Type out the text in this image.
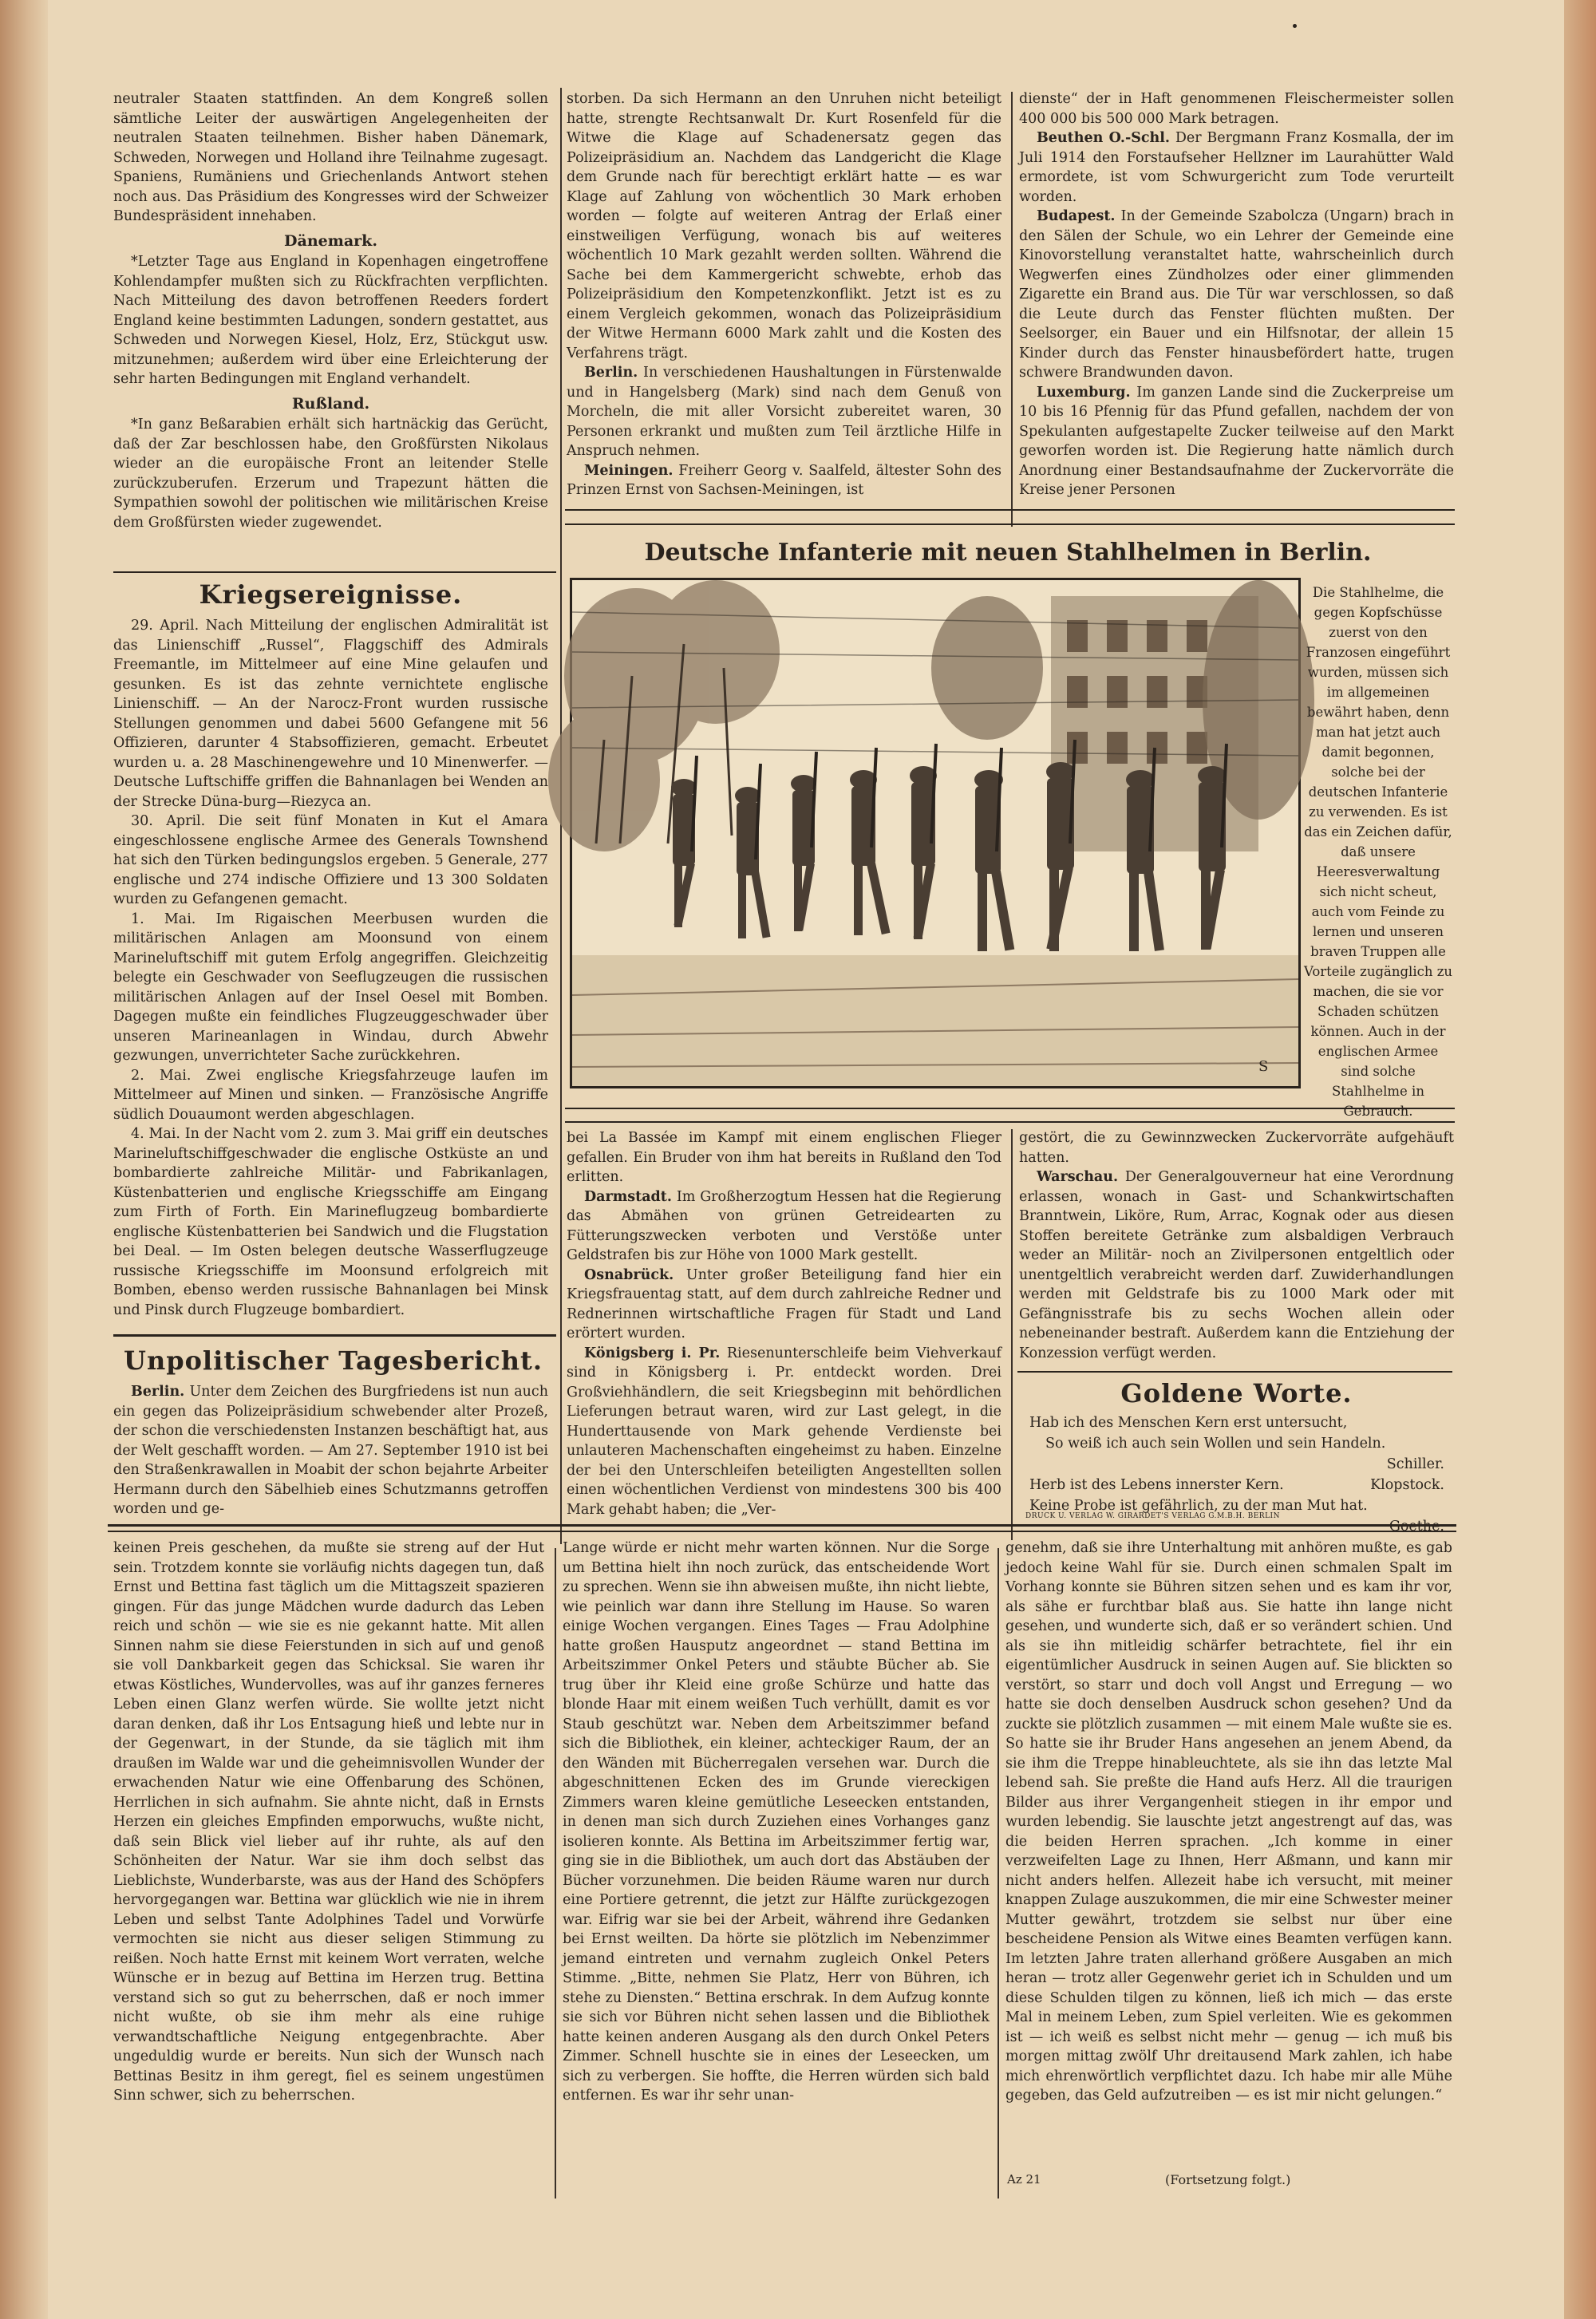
neutraler Staaten stattfinden. An dem Kongreß sollen sämtliche Leiter der auswärtigen Angelegenheiten der neutralen Staaten teilnehmen. Bisher haben Dänemark, Schweden, Norwegen und Holland ihre Teilnahme zugesagt. Spaniens, Rumäniens und Griechenlands Antwort stehen noch aus. Das Präsidium des Kongresses wird der Schweizer Bundespräsident innehaben.

Dänemark.

*Letzter Tage aus England in Kopenhagen eingetroffene Kohlendampfer mußten sich zu Rückfrachten verpflichten. Nach Mitteilung des davon betroffenen Reeders fordert England keine bestimmten Ladungen, sondern gestattet, aus Schweden und Norwegen Kiesel, Holz, Erz, Stückgut usw. mitzunehmen; außerdem wird über eine Erleichterung der sehr harten Bedingungen mit England verhandelt.

Rußland.

*In ganz Beßarabien erhält sich hartnäckig das Gerücht, daß der Zar beschlossen habe, den Großfürsten Nikolaus wieder an die europäische Front an leitender Stelle zurückzuberufen. Erzerum und Trapezunt hätten die Sympathien sowohl der politischen wie militärischen Kreise dem Großfürsten wieder zugewendet.

Kriegsereignisse.

29. April. Nach Mitteilung der englischen Admiralität ist das Linienschiff „Russel“, Flaggschiff des Admirals Freemantle, im Mittelmeer auf eine Mine gelaufen und gesunken. Es ist das zehnte vernichtete englische Linienschiff. — An der Narocz-Front wurden russische Stellungen genommen und dabei 5600 Gefangene mit 56 Offizieren, darunter 4 Stabsoffizieren, gemacht. Erbeutet wurden u. a. 28 Maschinengewehre und 10 Minenwerfer. — Deutsche Luftschiffe griffen die Bahnanlagen bei Wenden an der Strecke Düna-burg—Riezyca an.

30. April. Die seit fünf Monaten in Kut el Amara eingeschlossene englische Armee des Generals Townshend hat sich den Türken bedingungslos ergeben. 5 Generale, 277 englische und 274 indische Offiziere und 13 300 Soldaten wurden zu Gefangenen gemacht.

1. Mai. Im Rigaischen Meerbusen wurden die militärischen Anlagen am Moonsund von einem Marineluftschiff mit gutem Erfolg angegriffen. Gleichzeitig belegte ein Geschwader von Seeflugzeugen die russischen militärischen Anlagen auf der Insel Oesel mit Bomben. Dagegen mußte ein feindliches Flugzeuggeschwader über unseren Marineanlagen in Windau, durch Abwehr gezwungen, unverrichteter Sache zurückkehren.

2. Mai. Zwei englische Kriegsfahrzeuge laufen im Mittelmeer auf Minen und sinken. — Französische Angriffe südlich Douaumont werden abgeschlagen.

4. Mai. In der Nacht vom 2. zum 3. Mai griff ein deutsches Marineluftschiffgeschwader die englische Ostküste an und bombardierte zahlreiche Militär- und Fabrikanlagen, Küstenbatterien und englische Kriegsschiffe am Eingang zum Firth of Forth. Ein Marineflugzeug bombardierte englische Küstenbatterien bei Sandwich und die Flugstation bei Deal. — Im Osten belegen deutsche Wasserflugzeuge russische Kriegsschiffe im Moonsund erfolgreich mit Bomben, ebenso werden russische Bahnanlagen bei Minsk und Pinsk durch Flugzeuge bombardiert.

Unpolitischer Tagesbericht.

Berlin. Unter dem Zeichen des Burgfriedens ist nun auch ein gegen das Polizeipräsidium schwebender alter Prozeß, der schon die verschiedensten Instanzen beschäftigt hat, aus der Welt geschafft worden. — Am 27. September 1910 ist bei den Straßenkrawallen in Moabit der schon bejahrte Arbeiter Hermann durch den Säbelhieb eines Schutzmanns getroffen worden und ge-

storben. Da sich Hermann an den Unruhen nicht beteiligt hatte, strengte Rechtsanwalt Dr. Kurt Rosenfeld für die Witwe die Klage auf Schadenersatz gegen das Polizeipräsidium an. Nachdem das Landgericht die Klage dem Grunde nach für berechtigt erklärt hatte — es war Klage auf Zahlung von wöchentlich 30 Mark erhoben worden — folgte auf weiteren Antrag der Erlaß einer einstweiligen Verfügung, wonach bis auf weiteres wöchentlich 10 Mark gezahlt werden sollten. Während die Sache bei dem Kammergericht schwebte, erhob das Polizeipräsidium den Kompetenzkonflikt. Jetzt ist es zu einem Vergleich gekommen, wonach das Polizeipräsidium der Witwe Hermann 6000 Mark zahlt und die Kosten des Verfahrens trägt.

Berlin. In verschiedenen Haushaltungen in Fürstenwalde und in Hangelsberg (Mark) sind nach dem Genuß von Morcheln, die mit aller Vorsicht zubereitet waren, 30 Personen erkrankt und mußten zum Teil ärztliche Hilfe in Anspruch nehmen.

Meiningen. Freiherr Georg v. Saalfeld, ältester Sohn des Prinzen Ernst von Sachsen-Meiningen, ist

dienste“ der in Haft genommenen Fleischermeister sollen 400 000 bis 500 000 Mark betragen.

Beuthen O.-Schl. Der Bergmann Franz Kosmalla, der im Juli 1914 den Forstaufseher Hellzner im Laurahütter Wald ermordete, ist vom Schwurgericht zum Tode verurteilt worden.

Budapest. In der Gemeinde Szabolcza (Ungarn) brach in den Sälen der Schule, wo ein Lehrer der Gemeinde eine Kinovorstellung veranstaltet hatte, wahrscheinlich durch Wegwerfen eines Zündholzes oder einer glimmenden Zigarette ein Brand aus. Die Tür war verschlossen, so daß die Leute durch das Fenster flüchten mußten. Der Seelsorger, ein Bauer und ein Hilfsnotar, der allein 15 Kinder durch das Fenster hinausbefördert hatte, trugen schwere Brandwunden davon.

Luxemburg. Im ganzen Lande sind die Zuckerpreise um 10 bis 16 Pfennig für das Pfund gefallen, nachdem der von Spekulanten aufgestapelte Zucker teilweise auf den Markt geworfen worden ist. Die Regierung hatte nämlich durch Anordnung einer Bestandsaufnahme der Zuckervorräte die Kreise jener Personen

Deutsche Infanterie mit neuen Stahlhelmen in Berlin.
S
Die Stahlhelme, die gegen Kopfschüsse zuerst von den Franzosen eingeführt wurden, müssen sich im allgemeinen bewährt haben, denn man hat jetzt auch damit begonnen, solche bei der deutschen Infanterie zu verwenden. Es ist das ein Zeichen dafür, daß unsere Heeresverwaltung sich nicht scheut, auch vom Feinde zu lernen und unseren braven Truppen alle Vorteile zugänglich zu machen, die sie vor Schaden schützen können. Auch in der englischen Armee sind solche Stahlhelme in Gebrauch.

bei La Bassée im Kampf mit einem englischen Flieger gefallen. Ein Bruder von ihm hat bereits in Rußland den Tod erlitten.

Darmstadt. Im Großherzogtum Hessen hat die Regierung das Abmähen von grünen Getreidearten zu Fütterungszwecken verboten und Verstöße unter Geldstrafen bis zur Höhe von 1000 Mark gestellt.

Osnabrück. Unter großer Beteiligung fand hier ein Kriegsfrauentag statt, auf dem durch zahlreiche Redner und Rednerinnen wirtschaftliche Fragen für Stadt und Land erörtert wurden.

Königsberg i. Pr. Riesenunterschleife beim Viehverkauf sind in Königsberg i. Pr. entdeckt worden. Drei Großviehhändlern, die seit Kriegsbeginn mit behördlichen Lieferungen betraut waren, wird zur Last gelegt, in die Hunderttausende von Mark gehende Verdienste bei unlauteren Machenschaften eingeheimst zu haben. Einzelne der bei den Unterschleifen beteiligten Angestellten sollen einen wöchentlichen Verdienst von mindestens 300 bis 400 Mark gehabt haben; die „Ver-

gestört, die zu Gewinnzwecken Zuckervorräte aufgehäuft hatten.

Warschau. Der Generalgouverneur hat eine Verordnung erlassen, wonach in Gast- und Schankwirtschaften Branntwein, Liköre, Rum, Arrac, Kognak oder aus diesen Stoffen bereitete Getränke zum alsbaldigen Verbrauch weder an Militär- noch an Zivilpersonen entgeltlich oder unentgeltlich verabreicht werden darf. Zuwiderhandlungen werden mit Geldstrafe bis zu 1000 Mark oder mit Gefängnisstrafe bis zu sechs Wochen allein oder nebeneinander bestraft. Außerdem kann die Entziehung der Konzession verfügt werden.

Goldene Worte.

Hab ich des Menschen Kern erst untersucht,

So weiß ich auch sein Wollen und sein Handeln.

Schiller.

Herb ist des Lebens innerster Kern.	Klopstock.

Keine Probe ist gefährlich, zu der man Mut hat.

Goethe.

DRUCK U. VERLAG W. GIRARDET'S VERLAG G.M.B.H. BERLIN

keinen Preis geschehen, da mußte sie streng auf der Hut sein. Trotzdem konnte sie vorläufig nichts dagegen tun, daß Ernst und Bettina fast täglich um die Mittagszeit spazieren gingen. Für das junge Mädchen wurde dadurch das Leben reich und schön — wie sie es nie gekannt hatte. Mit allen Sinnen nahm sie diese Feierstunden in sich auf und genoß sie voll Dankbarkeit gegen das Schicksal. Sie waren ihr etwas Köstliches, Wundervolles, was auf ihr ganzes ferneres Leben einen Glanz werfen würde. Sie wollte jetzt nicht daran denken, daß ihr Los Entsagung hieß und lebte nur in der Gegenwart, in der Stunde, da sie täglich mit ihm draußen im Walde war und die geheimnisvollen Wunder der erwachenden Natur wie eine Offenbarung des Schönen, Herrlichen in sich aufnahm. Sie ahnte nicht, daß in Ernsts Herzen ein gleiches Empfinden emporwuchs, wußte nicht, daß sein Blick viel lieber auf ihr ruhte, als auf den Schönheiten der Natur. War sie ihm doch selbst das Lieblichste, Wunderbarste, was aus der Hand des Schöpfers hervorgegangen war. Bettina war glücklich wie nie in ihrem Leben und selbst Tante Adolphines Tadel und Vorwürfe vermochten sie nicht aus dieser seligen Stimmung zu reißen. Noch hatte Ernst mit keinem Wort verraten, welche Wünsche er in bezug auf Bettina im Herzen trug. Bettina verstand sich so gut zu beherrschen, daß er noch immer nicht wußte, ob sie ihm mehr als eine ruhige verwandtschaftliche Neigung entgegenbrachte. Aber ungeduldig wurde er bereits. Nun sich der Wunsch nach Bettinas Besitz in ihm geregt, fiel es seinem ungestümen Sinn schwer, sich zu beherrschen.

Lange würde er nicht mehr warten können. Nur die Sorge um Bettina hielt ihn noch zurück, das entscheidende Wort zu sprechen. Wenn sie ihn abweisen mußte, ihn nicht liebte, wie peinlich war dann ihre Stellung im Hause. So waren einige Wochen vergangen. Eines Tages — Frau Adolphine hatte großen Hausputz angeordnet — stand Bettina im Arbeitszimmer Onkel Peters und stäubte Bücher ab. Sie trug über ihr Kleid eine große Schürze und hatte das blonde Haar mit einem weißen Tuch verhüllt, damit es vor Staub geschützt war. Neben dem Arbeitszimmer befand sich die Bibliothek, ein kleiner, achteckiger Raum, der an den Wänden mit Bücherregalen versehen war. Durch die abgeschnittenen Ecken des im Grunde viereckigen Zimmers waren kleine gemütliche Leseecken entstanden, in denen man sich durch Zuziehen eines Vorhanges ganz isolieren konnte. Als Bettina im Arbeitszimmer fertig war, ging sie in die Bibliothek, um auch dort das Abstäuben der Bücher vorzunehmen. Die beiden Räume waren nur durch eine Portiere getrennt, die jetzt zur Hälfte zurückgezogen war. Eifrig war sie bei der Arbeit, während ihre Gedanken bei Ernst weilten. Da hörte sie plötzlich im Nebenzimmer jemand eintreten und vernahm zugleich Onkel Peters Stimme. „Bitte, nehmen Sie Platz, Herr von Bühren, ich stehe zu Diensten.“ Bettina erschrak. In dem Aufzug konnte sie sich vor Bühren nicht sehen lassen und die Bibliothek hatte keinen anderen Ausgang als den durch Onkel Peters Zimmer. Schnell huschte sie in eines der Leseecken, um sich zu verbergen. Sie hoffte, die Herren würden sich bald entfernen. Es war ihr sehr unan-

genehm, daß sie ihre Unterhaltung mit anhören mußte, es gab jedoch keine Wahl für sie. Durch einen schmalen Spalt im Vorhang konnte sie Bühren sitzen sehen und es kam ihr vor, als sähe er furchtbar blaß aus. Sie hatte ihn lange nicht gesehen, und wunderte sich, daß er so verändert schien. Und als sie ihn mitleidig schärfer betrachtete, fiel ihr ein eigentümlicher Ausdruck in seinen Augen auf. Sie blickten so verstört, so starr und doch voll Angst und Erregung — wo hatte sie doch denselben Ausdruck schon gesehen? Und da zuckte sie plötzlich zusammen — mit einem Male wußte sie es. So hatte sie ihr Bruder Hans angesehen an jenem Abend, da sie ihm die Treppe hinableuchtete, als sie ihn das letzte Mal lebend sah. Sie preßte die Hand aufs Herz. All die traurigen Bilder aus ihrer Vergangenheit stiegen in ihr empor und wurden lebendig. Sie lauschte jetzt angestrengt auf das, was die beiden Herren sprachen. „Ich komme in einer verzweifelten Lage zu Ihnen, Herr Aßmann, und kann mir nicht anders helfen. Allezeit habe ich versucht, mit meiner knappen Zulage auszukommen, die mir eine Schwester meiner Mutter gewährt, trotzdem sie selbst nur über eine bescheidene Pension als Witwe eines Beamten verfügen kann. Im letzten Jahre traten allerhand größere Ausgaben an mich heran — trotz aller Gegenwehr geriet ich in Schulden und um diese Schulden tilgen zu können, ließ ich mich — das erste Mal in meinem Leben, zum Spiel verleiten. Wie es gekommen ist — ich weiß es selbst nicht mehr — genug — ich muß bis morgen mittag zwölf Uhr dreitausend Mark zahlen, ich habe mich ehrenwörtlich verpflichtet dazu. Ich habe mir alle Mühe gegeben, das Geld aufzutreiben — es ist mir nicht gelungen.“

Az 21	(Fortsetzung folgt.)
